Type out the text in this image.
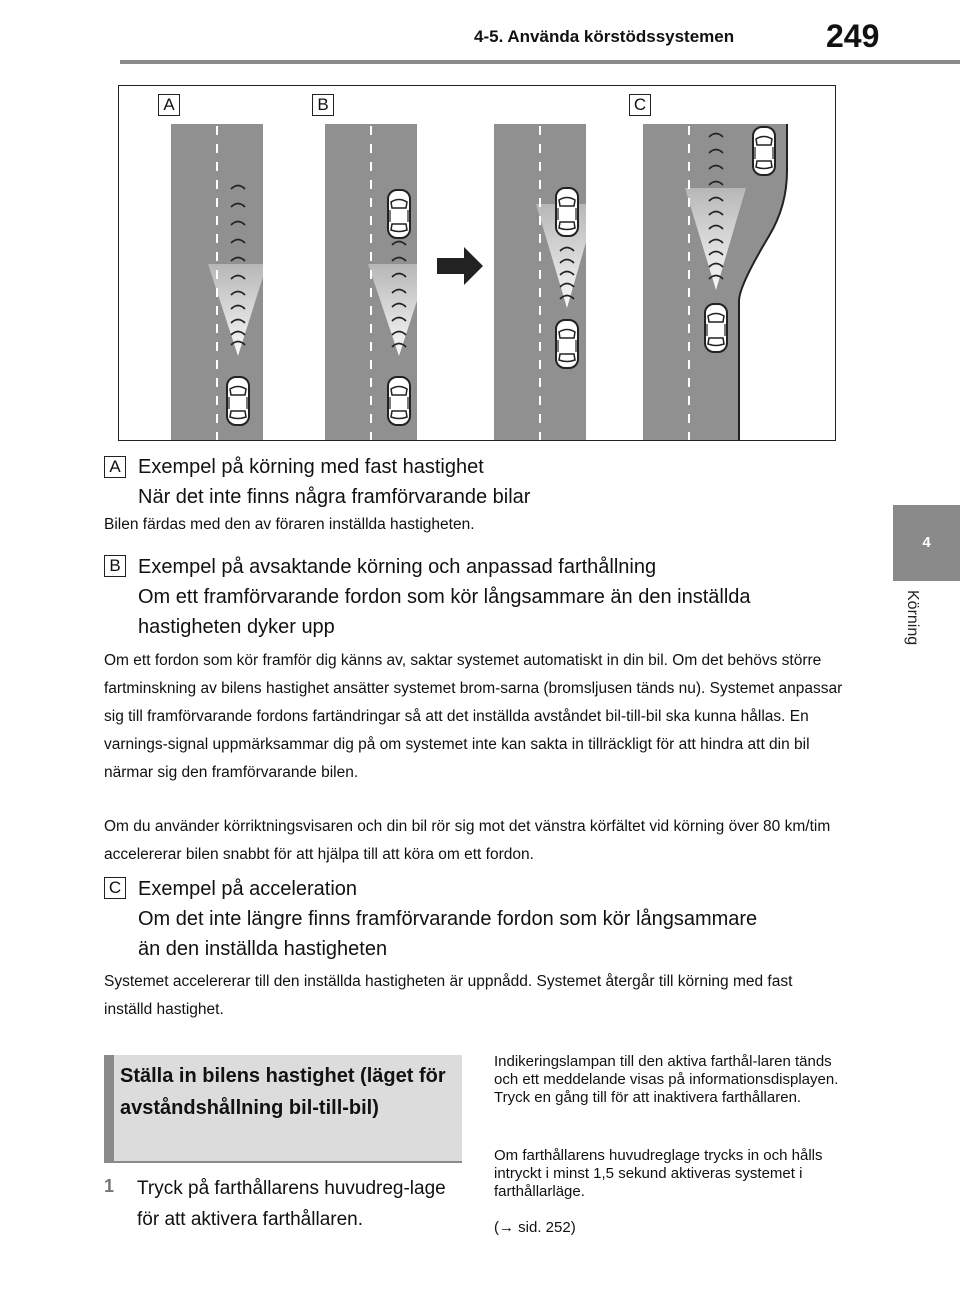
4-5. Använda körstödssystemen	249
4
Körning
A	B	C
A Exempel på körning med fast hastighet
När det inte finns några framförvarande bilar
Bilen färdas med den av föraren inställda hastigheten.
B Exempel på avsaktande körning och anpassad farthållning
Om ett framförvarande fordon som kör långsammare än den inställda
hastigheten dyker upp
Om ett fordon som kör framför dig känns av, saktar systemet automatiskt in din bil. Om det behövs större fartminskning av bilens hastighet ansätter systemet brom-sarna (bromsljusen tänds nu). Systemet anpassar sig till framförvarande fordons fartändringar så att det inställda avståndet bil-till-bil ska kunna hållas. En varnings-signal uppmärksammar dig på om systemet inte kan sakta in tillräckligt för att hindra att din bil närmar sig den framförvarande bilen.
Om du använder körriktningsvisaren och din bil rör sig mot det vänstra körfältet vid körning över 80 km/tim accelererar bilen snabbt för att hjälpa till att köra om ett fordon.
C Exempel på acceleration
Om det inte längre finns framförvarande fordon som kör långsammare
än den inställda hastigheten
Systemet accelererar till den inställda hastigheten är uppnådd. Systemet återgår till körning med fast inställd hastighet.
Ställa in bilens hastighet (läget för avståndshållning bil-till-bil)
1 Tryck på farthållarens huvudreg-lage för att aktivera farthållaren.
Indikeringslampan till den aktiva farthål-laren tänds och ett meddelande visas på informationsdisplayen. Tryck en gång till för att inaktivera farthållaren.
Om farthållarens huvudreglage trycks in och hålls intryckt i minst 1,5 sekund aktiveras systemet i farthållarläge.
(→ sid. 252)
